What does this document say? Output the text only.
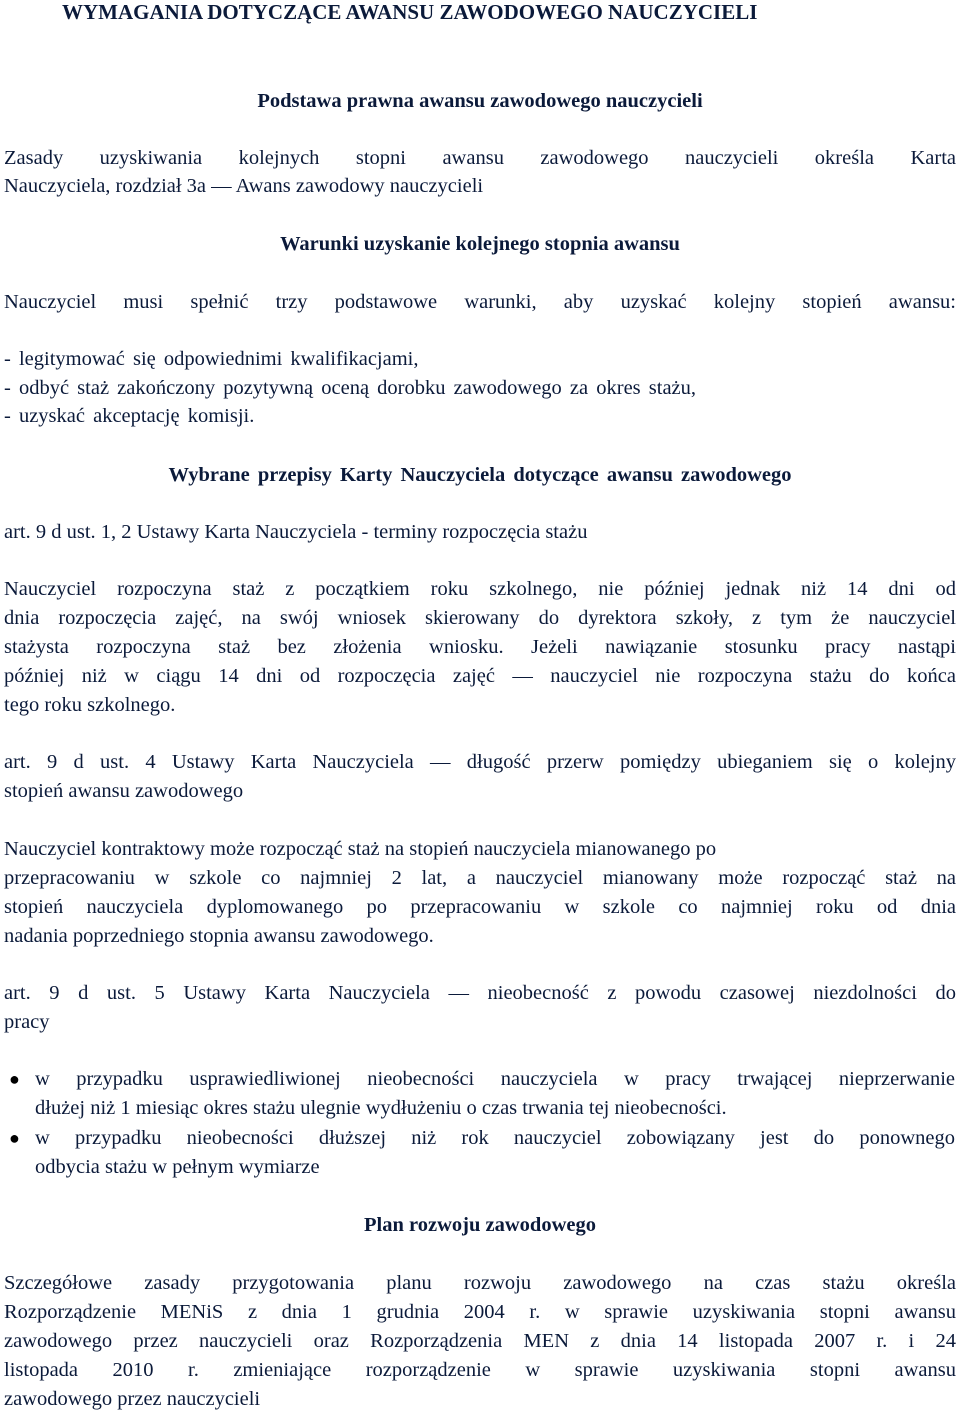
WYMAGANIA DOTYCZĄCE AWANSU ZAWODOWEGO NAUCZYCIELI
Podstawa prawna awansu zawodowego nauczycieli
Zasady uzyskiwania kolejnych stopni awansu zawodowego nauczycieli określa Karta
Nauczyciela, rozdział 3a — Awans zawodowy nauczycieli
Warunki uzyskanie kolejnego stopnia awansu
Nauczyciel musi spełnić trzy podstawowe warunki, aby uzyskać kolejny stopień awansu:
- legitymować się odpowiednimi kwalifikacjami,
- odbyć staż zakończony pozytywną oceną dorobku zawodowego za okres stażu,
- uzyskać akceptację komisji.
Wybrane przepisy Karty Nauczyciela dotyczące awansu zawodowego
art. 9 d ust. 1, 2 Ustawy Karta Nauczyciela - terminy rozpoczęcia stażu
Nauczyciel rozpoczyna staż z początkiem roku szkolnego, nie później jednak niż 14 dni od
dnia rozpoczęcia zajęć, na swój wniosek skierowany do dyrektora szkoły, z tym że nauczyciel
stażysta rozpoczyna staż bez złożenia wniosku. Jeżeli nawiązanie stosunku pracy nastąpi
później niż w ciągu 14 dni od rozpoczęcia zajęć — nauczyciel nie rozpoczyna stażu do końca
tego roku szkolnego.
art. 9 d ust. 4 Ustawy Karta Nauczyciela — długość przerw pomiędzy ubieganiem się o kolejny
stopień awansu zawodowego
Nauczyciel kontraktowy może rozpocząć staż na stopień nauczyciela mianowanego po
przepracowaniu w szkole co najmniej 2 lat, a nauczyciel mianowany może rozpocząć staż na
stopień nauczyciela dyplomowanego po przepracowaniu w szkole co najmniej roku od dnia
nadania poprzedniego stopnia awansu zawodowego.
art. 9 d ust. 5 Ustawy Karta Nauczyciela — nieobecność z powodu czasowej niezdolności do
pracy
● w przypadku usprawiedliwionej nieobecności nauczyciela w pracy trwającej nieprzerwanie
dłużej niż 1 miesiąc okres stażu ulegnie wydłużeniu o czas trwania tej nieobecności.
● w przypadku nieobecności dłuższej niż rok nauczyciel zobowiązany jest do ponownego
odbycia stażu w pełnym wymiarze
Plan rozwoju zawodowego
Szczegółowe zasady przygotowania planu rozwoju zawodowego na czas stażu określa
Rozporządzenie MENiS z dnia 1 grudnia 2004 r. w sprawie uzyskiwania stopni awansu
zawodowego przez nauczycieli oraz Rozporządzenia MEN z dnia 14 listopada 2007 r. i 24
listopada 2010 r. zmieniające rozporządzenie w sprawie uzyskiwania stopni awansu
zawodowego przez nauczycieli
